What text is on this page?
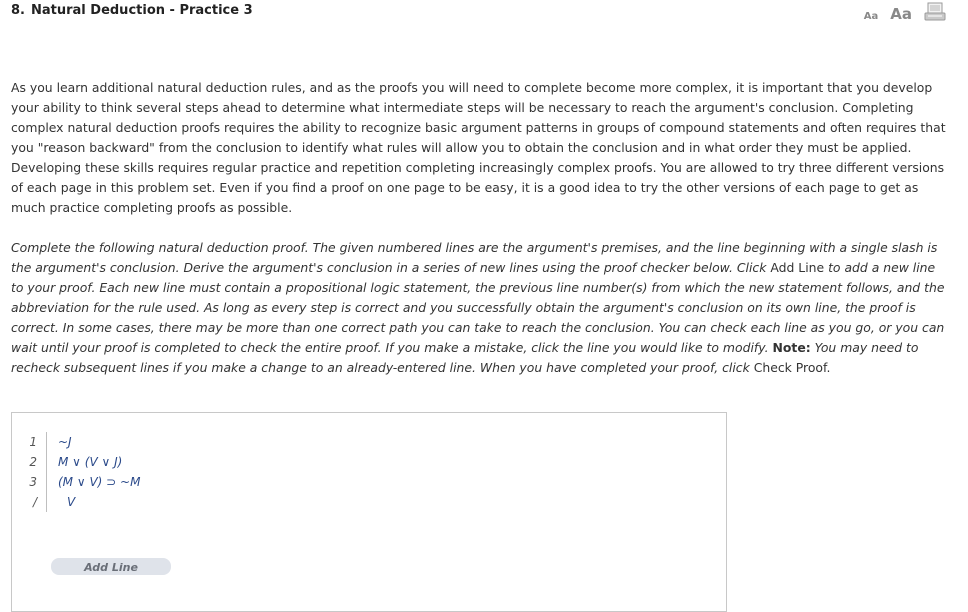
8. Natural Deduction - Practice 3	Aa Aa

As you learn additional natural deduction rules, and as the proofs you will need to complete become more complex, it is important that you develop your ability to think several steps ahead to determine what intermediate steps will be necessary to reach the argument's conclusion. Completing complex natural deduction proofs requires the ability to recognize basic argument patterns in groups of compound statements and often requires that you "reason backward" from the conclusion to identify what rules will allow you to obtain the conclusion and in what order they must be applied. Developing these skills requires regular practice and repetition completing increasingly complex proofs. You are allowed to try three different versions of each page in this problem set. Even if you find a proof on one page to be easy, it is a good idea to try the other versions of each page to get as much practice completing proofs as possible.

Complete the following natural deduction proof. The given numbered lines are the argument's premises, and the line beginning with a single slash is the argument's conclusion. Derive the argument's conclusion in a series of new lines using the proof checker below. Click Add Line to add a new line to your proof. Each new line must contain a propositional logic statement, the previous line number(s) from which the new statement follows, and the abbreviation for the rule used. As long as every step is correct and you successfully obtain the argument's conclusion on its own line, the proof is correct. In some cases, there may be more than one correct path you can take to reach the conclusion. You can check each line as you go, or you can wait until your proof is completed to check the entire proof. If you make a mistake, click the line you would like to modify. Note: You may need to recheck subsequent lines if you make a change to an already-entered line. When you have completed your proof, click Check Proof.

1	~J
2	M ∨ (V ∨ J)
3	(M ∨ V) ⊃ ~M
/	V
Add Line
